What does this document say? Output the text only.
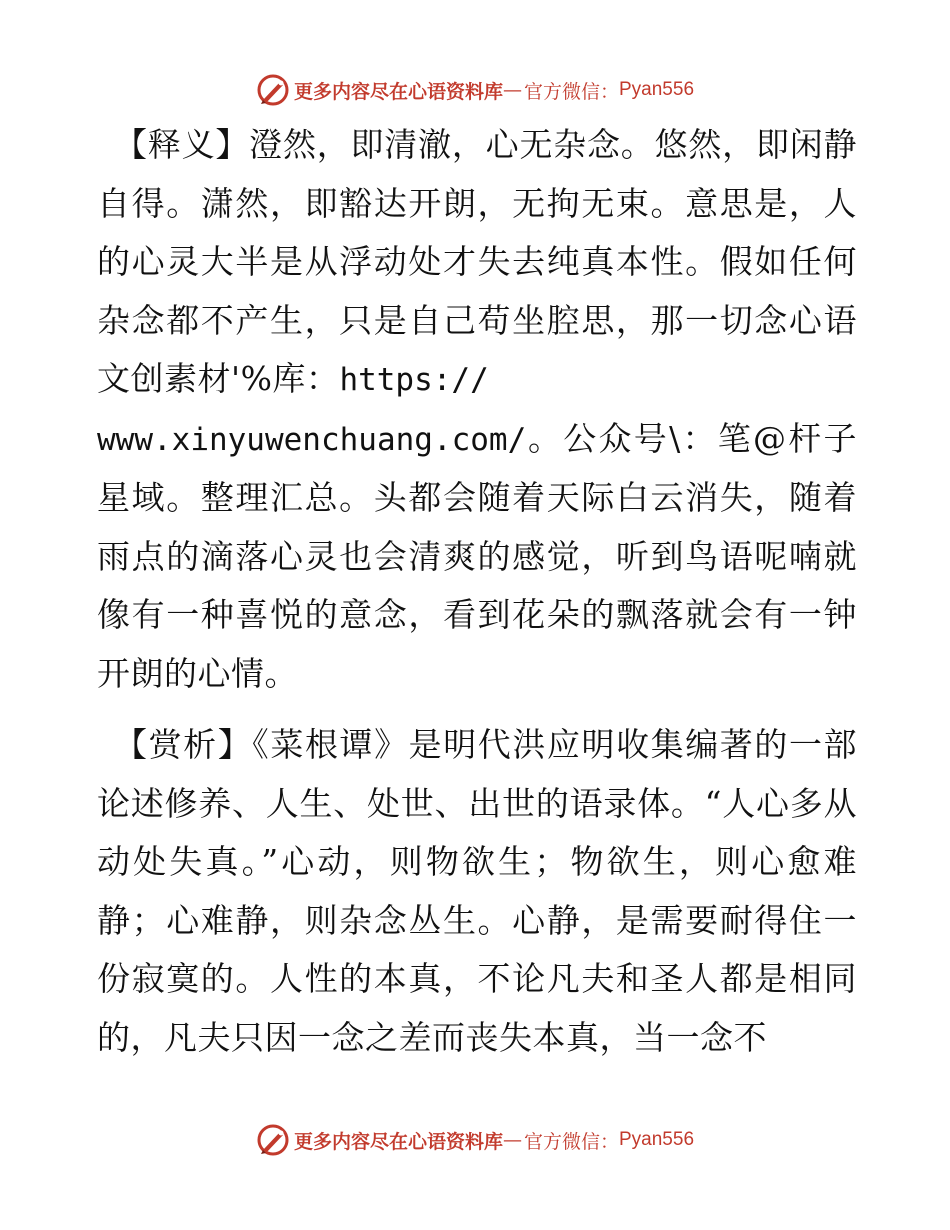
更多内容尽在心语资料库 — 官方微信： Pyan556

【释义】澄然，即清澈，心无杂念。悠然，即闲静自得。潇然，即豁达开朗，无拘无束。意思是，人的心灵大半是从浮动处才失去纯真本性。假如任何杂念都不产生，只是自己苟坐腔思，那一切念心语文创素材'%库：https://
www.xinyuwenchuang.com/。公众号\：笔@杆子星域。整理汇总。头都会随着天际白云消失，随着雨点的滴落心灵也会清爽的感觉，听到鸟语呢喃就像有一种喜悦的意念，看到花朵的飘落就会有一钟开朗的心情。

【赏析】《菜根谭》是明代洪应明收集编著的一部论述修养、人生、处世、出世的语录体。“人心多从动处失真。”心动，则物欲生；物欲生，则心愈难静；心难静，则杂念丛生。心静，是需要耐得住一份寂寞的。人性的本真，不论凡夫和圣人都是相同的，凡夫只因一念之差而丧失本真，当一念不

更多内容尽在心语资料库 — 官方微信： Pyan556
